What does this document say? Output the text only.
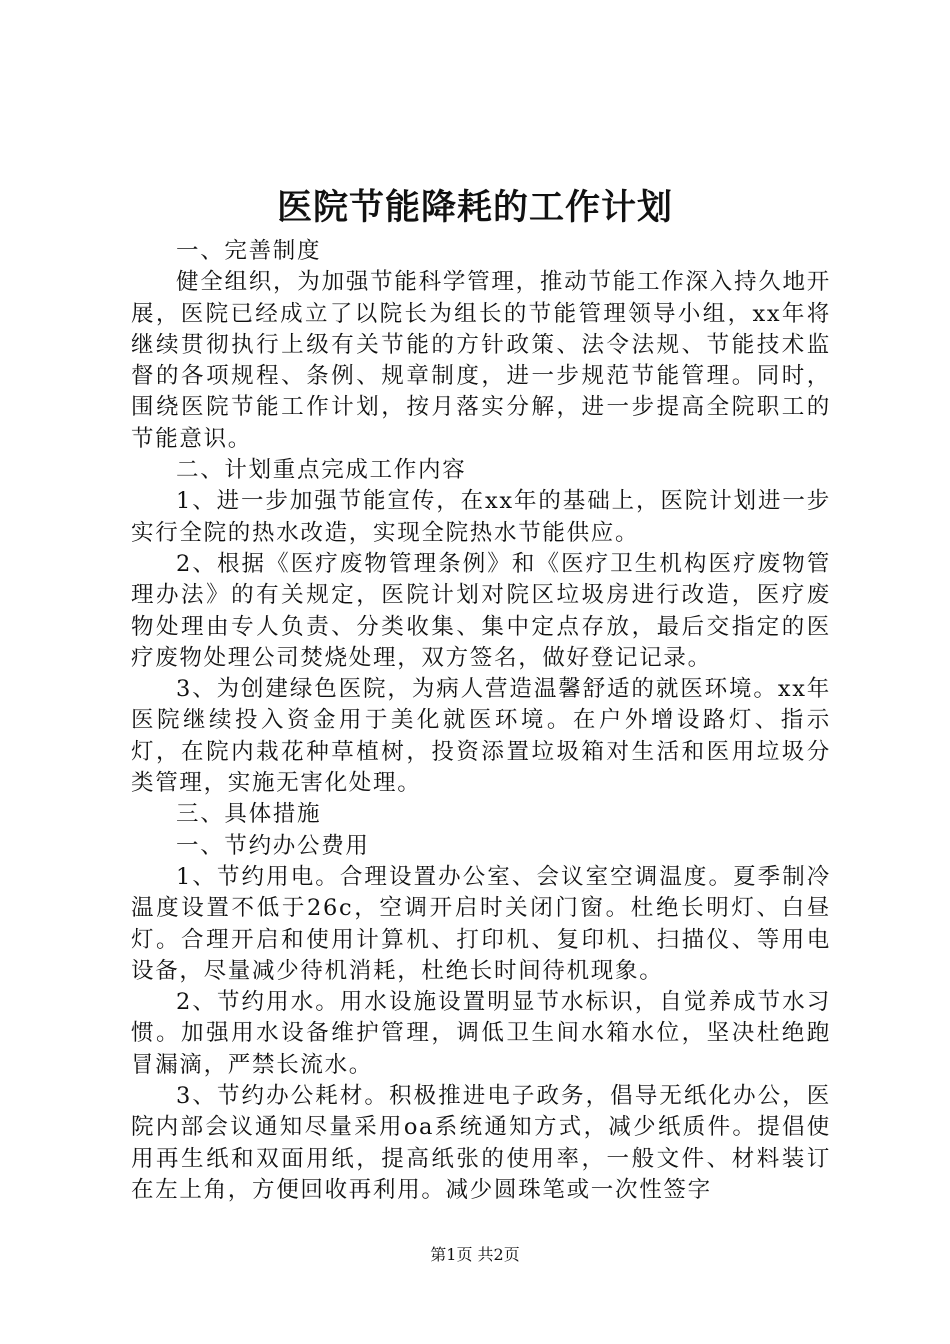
医院节能降耗的工作计划

一、完善制度

健全组织，为加强节能科学管理，推动节能工作深入持久地开展，医院已经成立了以院长为组长的节能管理领导小组，xx年将继续贯彻执行上级有关节能的方针政策、法令法规、节能技术监督的各项规程、条例、规章制度，进一步规范节能管理。同时，围绕医院节能工作计划，按月落实分解，进一步提高全院职工的节能意识。

二、计划重点完成工作内容

1、进一步加强节能宣传，在xx年的基础上，医院计划进一步实行全院的热水改造，实现全院热水节能供应。

2、根据《医疗废物管理条例》和《医疗卫生机构医疗废物管理办法》的有关规定，医院计划对院区垃圾房进行改造，医疗废物处理由专人负责、分类收集、集中定点存放，最后交指定的医疗废物处理公司焚烧处理，双方签名，做好登记记录。

3、为创建绿色医院，为病人营造温馨舒适的就医环境。xx年医院继续投入资金用于美化就医环境。在户外增设路灯、指示灯，在院内栽花种草植树，投资添置垃圾箱对生活和医用垃圾分类管理，实施无害化处理。

三、具体措施

一、节约办公费用

1、节约用电。合理设置办公室、会议室空调温度。夏季制冷温度设置不低于26c，空调开启时关闭门窗。杜绝长明灯、白昼灯。合理开启和使用计算机、打印机、复印机、扫描仪、等用电设备，尽量减少待机消耗，杜绝长时间待机现象。

2、节约用水。用水设施设置明显节水标识，自觉养成节水习惯。加强用水设备维护管理，调低卫生间水箱水位，坚决杜绝跑冒漏滴，严禁长流水。

3、节约办公耗材。积极推进电子政务，倡导无纸化办公，医院内部会议通知尽量采用oa系统通知方式，减少纸质件。提倡使用再生纸和双面用纸，提高纸张的使用率，一般文件、材料装订在左上角，方便回收再利用。减少圆珠笔或一次性签字

第1页 共2页
